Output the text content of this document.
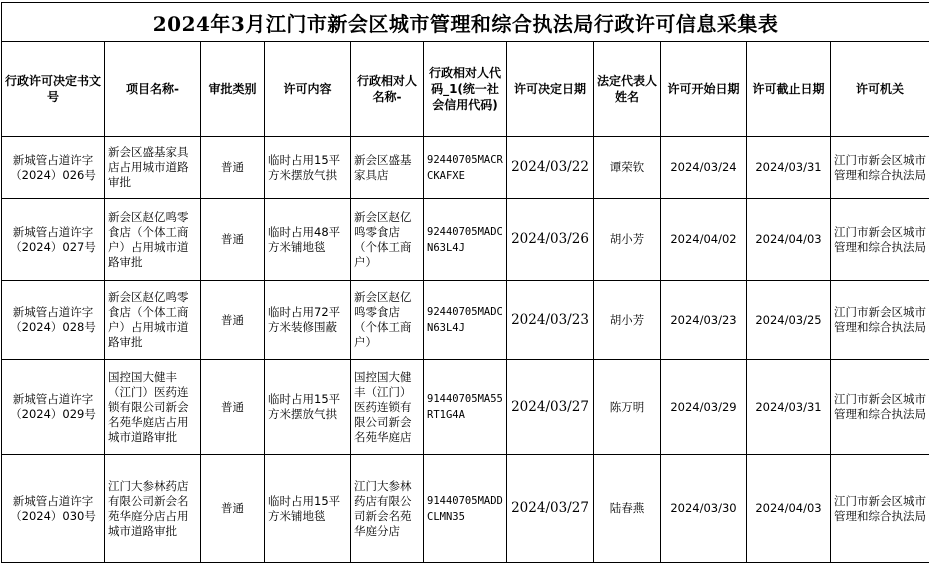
2024年3月江门市新会区城市管理和综合执法局行政许可信息采集表										
行政许可决定书文号	项目名称-	审批类别	许可内容	行政相对人名称-	行政相对人代码_1(统一社会信用代码)	许可决定日期	法定代表人姓名	许可开始日期	许可截止日期	许可机关
新城管占道许字（2024）026号	新会区盛基家具店占用城市道路审批	普通	临时占用15平方米摆放气拱	新会区盛基家具店	92440705MACRCKAFXE	2024/03/22	谭荣钦	2024/03/24	2024/03/31	江门市新会区城市管理和综合执法局
新城管占道许字（2024）027号	新会区赵亿鸣零食店（个体工商户）占用城市道路审批	普通	临时占用48平方米铺地毯	新会区赵亿鸣零食店（个体工商户）	92440705MADCN63L4J	2024/03/26	胡小芳	2024/04/02	2024/04/03	江门市新会区城市管理和综合执法局
新城管占道许字（2024）028号	新会区赵亿鸣零食店（个体工商户）占用城市道路审批	普通	临时占用72平方米装修围蔽	新会区赵亿鸣零食店（个体工商户）	92440705MADCN63L4J	2024/03/23	胡小芳	2024/03/23	2024/03/25	江门市新会区城市管理和综合执法局
新城管占道许字（2024）029号	国控国大健丰（江门）医药连锁有限公司新会名苑华庭店占用城市道路审批	普通	临时占用15平方米摆放气拱	国控国大健丰（江门）医药连锁有限公司新会名苑华庭店	91440705MA55RT1G4A	2024/03/27	陈万明	2024/03/29	2024/03/31	江门市新会区城市管理和综合执法局
新城管占道许字（2024）030号	江门大参林药店有限公司新会名苑华庭分店占用城市道路审批	普通	临时占用15平方米铺地毯	江门大参林药店有限公司新会名苑华庭分店	91440705MADDCLMN35	2024/03/27	陆春燕	2024/03/30	2024/04/03	江门市新会区城市管理和综合执法局
